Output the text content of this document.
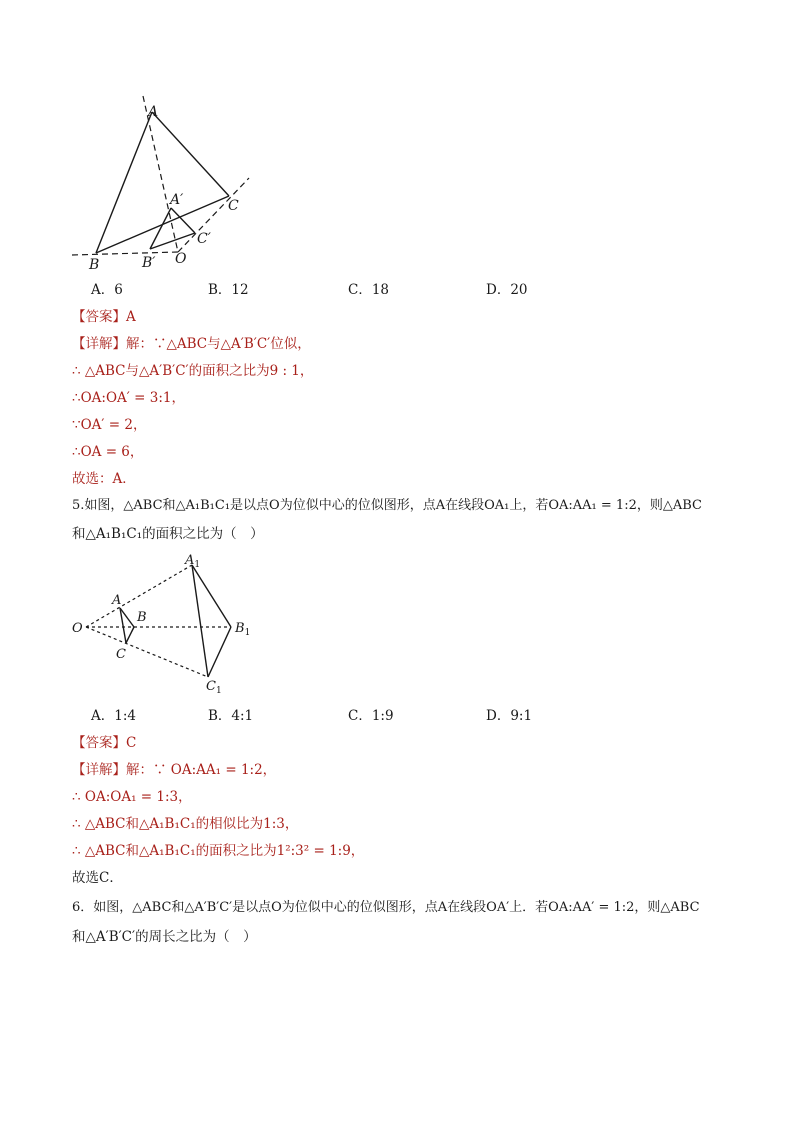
A
A′	C
C′
B	B′ O
A．6	B．12	C．18	D．20
【答案】A
【详解】解：∵△ABC与△A′B′C′位似，
∴ △ABC与△A′B′C′的面积之比为9 : 1，
∴OA:OA′ = 3:1，
∵OA′ = 2，
∴OA = 6，
故选：A．
5.如图，△ABC和△A₁B₁C₁是以点O为位似中心的位似图形，点A在线段OA₁上，若OA:AA₁ = 1:2，则△ABC
和△A₁B₁C₁的面积之比为（　）
$A_1$
A
B
$B_1$
O
C
$C_1$
A．1:4	B．4:1	C．1:9	D．9:1
【答案】C
【详解】解：∵ OA:AA₁ = 1:2，
∴ OA:OA₁ = 1:3，
∴ △ABC和△A₁B₁C₁的相似比为1:3，
∴ △ABC和△A₁B₁C₁的面积之比为1²:3² = 1:9，
故选C．
6．如图，△ABC和△A′B′C′是以点O为位似中心的位似图形，点A在线段OA′上．若OA:AA′ = 1:2，则△ABC
和△A′B′C′的周长之比为（　）
